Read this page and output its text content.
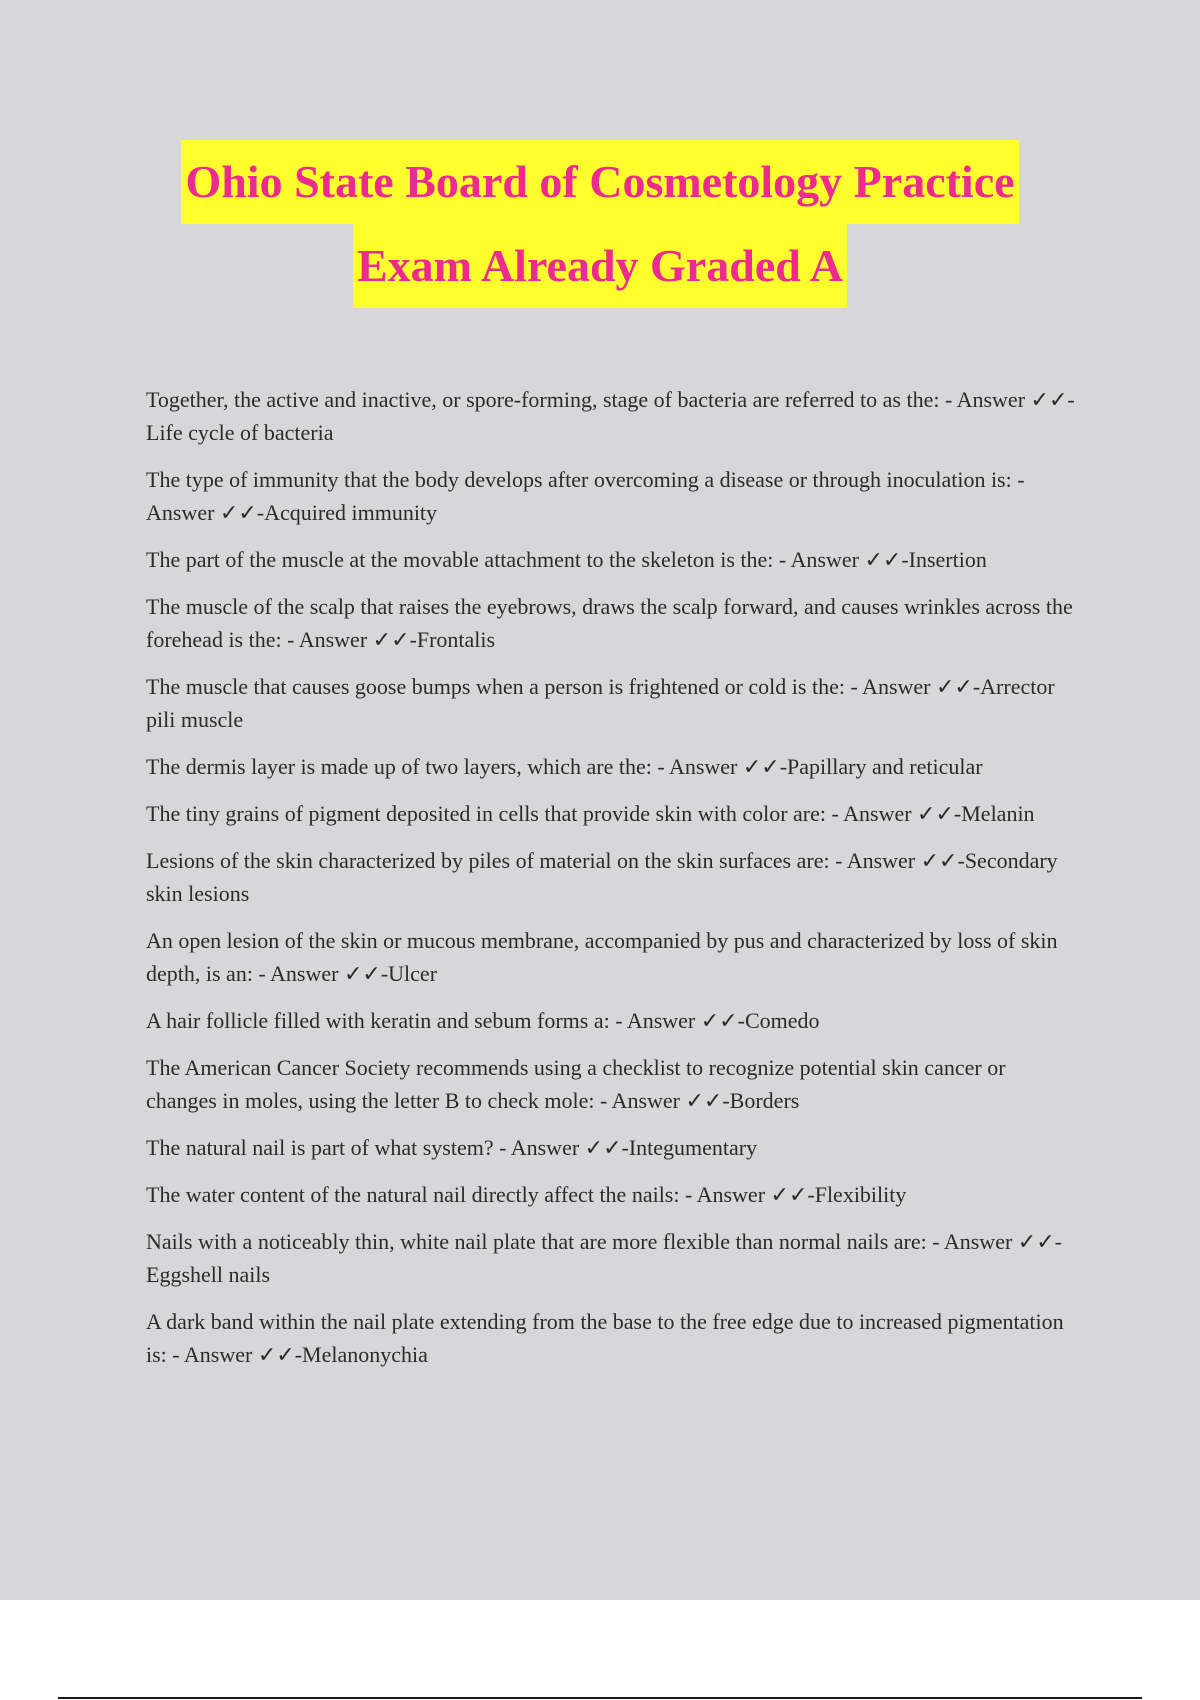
Ohio State Board of Cosmetology Practice
Exam Already Graded A
Together, the active and inactive, or spore-forming, stage of bacteria are referred to as the: - Answer ✓✓-Life cycle of bacteria
The type of immunity that the body develops after overcoming a disease or through inoculation is: - Answer ✓✓-Acquired immunity
The part of the muscle at the movable attachment to the skeleton is the: - Answer ✓✓-Insertion
The muscle of the scalp that raises the eyebrows, draws the scalp forward, and causes wrinkles across the forehead is the: - Answer ✓✓-Frontalis
The muscle that causes goose bumps when a person is frightened or cold is the: - Answer ✓✓-Arrector pili muscle
The dermis layer is made up of two layers, which are the: - Answer ✓✓-Papillary and reticular
The tiny grains of pigment deposited in cells that provide skin with color are: - Answer ✓✓-Melanin
Lesions of the skin characterized by piles of material on the skin surfaces are: - Answer ✓✓-Secondary skin lesions
An open lesion of the skin or mucous membrane, accompanied by pus and characterized by loss of skin depth, is an: - Answer ✓✓-Ulcer
A hair follicle filled with keratin and sebum forms a: - Answer ✓✓-Comedo
The American Cancer Society recommends using a checklist to recognize potential skin cancer or changes in moles, using the letter B to check mole: - Answer ✓✓-Borders
The natural nail is part of what system? - Answer ✓✓-Integumentary
The water content of the natural nail directly affect the nails: - Answer ✓✓-Flexibility
Nails with a noticeably thin, white nail plate that are more flexible than normal nails are: - Answer ✓✓-Eggshell nails
A dark band within the nail plate extending from the base to the free edge due to increased pigmentation is: - Answer ✓✓-Melanonychia
